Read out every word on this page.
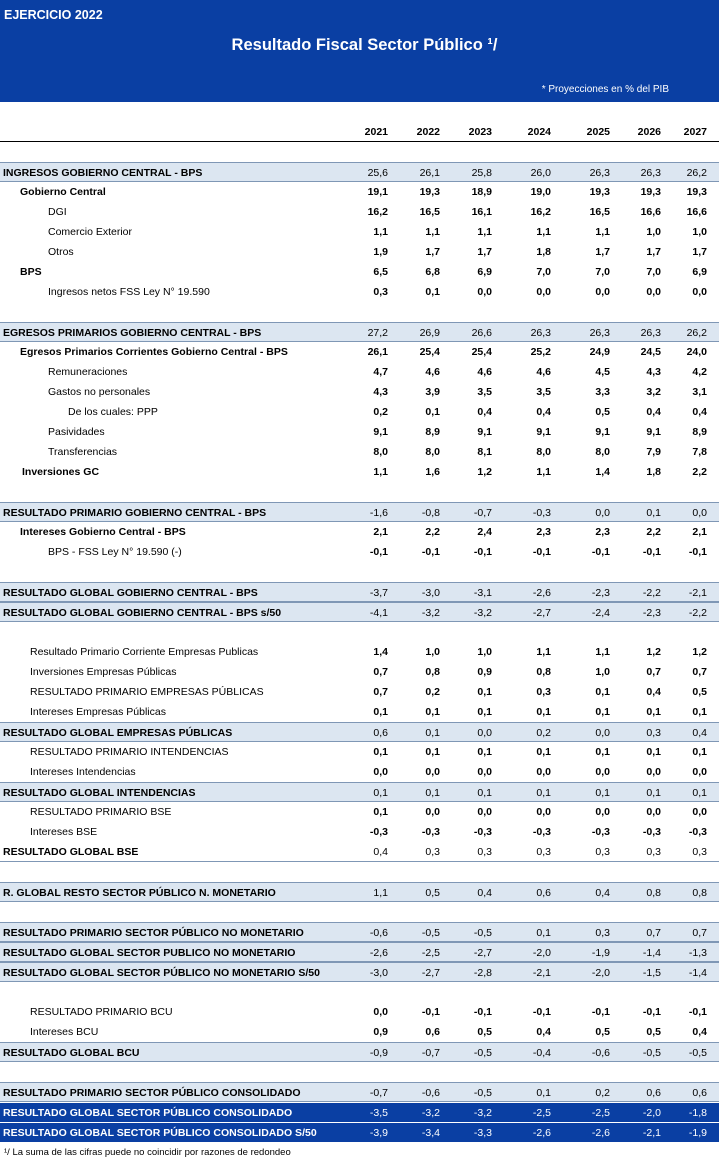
EJERCICIO 2022
Resultado Fiscal Sector Público ¹/
* Proyecciones en % del PIB
2021	2022	2023	2024	2025	2026	2027
INGRESOS GOBIERNO CENTRAL - BPS	25,6	26,1	25,8	26,0	26,3	26,3	26,2
Gobierno Central	19,1	19,3	18,9	19,0	19,3	19,3	19,3
DGI	16,2	16,5	16,1	16,2	16,5	16,6	16,6
Comercio Exterior	1,1	1,1	1,1	1,1	1,1	1,0	1,0
Otros	1,9	1,7	1,7	1,8	1,7	1,7	1,7
BPS	6,5	6,8	6,9	7,0	7,0	7,0	6,9
Ingresos netos FSS Ley N° 19.590	0,3	0,1	0,0	0,0	0,0	0,0	0,0
EGRESOS PRIMARIOS GOBIERNO CENTRAL - BPS	27,2	26,9	26,6	26,3	26,3	26,3	26,2
Egresos Primarios Corrientes Gobierno Central - BPS	26,1	25,4	25,4	25,2	24,9	24,5	24,0
Remuneraciones	4,7	4,6	4,6	4,6	4,5	4,3	4,2
Gastos no personales	4,3	3,9	3,5	3,5	3,3	3,2	3,1
De los cuales: PPP	0,2	0,1	0,4	0,4	0,5	0,4	0,4
Pasividades	9,1	8,9	9,1	9,1	9,1	9,1	8,9
Transferencias	8,0	8,0	8,1	8,0	8,0	7,9	7,8
Inversiones GC	1,1	1,6	1,2	1,1	1,4	1,8	2,2
RESULTADO PRIMARIO GOBIERNO CENTRAL - BPS	-1,6	-0,8	-0,7	-0,3	0,0	0,1	0,0
Intereses Gobierno Central - BPS	2,1	2,2	2,4	2,3	2,3	2,2	2,1
BPS - FSS Ley N° 19.590 (-)	-0,1	-0,1	-0,1	-0,1	-0,1	-0,1	-0,1
RESULTADO GLOBAL GOBIERNO CENTRAL - BPS	-3,7	-3,0	-3,1	-2,6	-2,3	-2,2	-2,1
RESULTADO GLOBAL GOBIERNO CENTRAL - BPS s/50	-4,1	-3,2	-3,2	-2,7	-2,4	-2,3	-2,2
Resultado Primario Corriente Empresas Publicas	1,4	1,0	1,0	1,1	1,1	1,2	1,2
Inversiones Empresas Públicas	0,7	0,8	0,9	0,8	1,0	0,7	0,7
RESULTADO PRIMARIO EMPRESAS PÚBLICAS	0,7	0,2	0,1	0,3	0,1	0,4	0,5
Intereses Empresas Públicas	0,1	0,1	0,1	0,1	0,1	0,1	0,1
RESULTADO GLOBAL EMPRESAS PÚBLICAS	0,6	0,1	0,0	0,2	0,0	0,3	0,4
RESULTADO PRIMARIO INTENDENCIAS	0,1	0,1	0,1	0,1	0,1	0,1	0,1
Intereses Intendencias	0,0	0,0	0,0	0,0	0,0	0,0	0,0
RESULTADO GLOBAL INTENDENCIAS	0,1	0,1	0,1	0,1	0,1	0,1	0,1
RESULTADO PRIMARIO BSE	0,1	0,0	0,0	0,0	0,0	0,0	0,0
Intereses BSE	-0,3	-0,3	-0,3	-0,3	-0,3	-0,3	-0,3
RESULTADO GLOBAL BSE	0,4	0,3	0,3	0,3	0,3	0,3	0,3
R. GLOBAL RESTO SECTOR PÚBLICO N. MONETARIO	1,1	0,5	0,4	0,6	0,4	0,8	0,8
RESULTADO PRIMARIO SECTOR PÚBLICO NO MONETARIO	-0,6	-0,5	-0,5	0,1	0,3	0,7	0,7
RESULTADO GLOBAL SECTOR PUBLICO NO MONETARIO	-2,6	-2,5	-2,7	-2,0	-1,9	-1,4	-1,3
RESULTADO GLOBAL SECTOR PÚBLICO NO MONETARIO S/50	-3,0	-2,7	-2,8	-2,1	-2,0	-1,5	-1,4
RESULTADO PRIMARIO BCU	0,0	-0,1	-0,1	-0,1	-0,1	-0,1	-0,1
Intereses BCU	0,9	0,6	0,5	0,4	0,5	0,5	0,4
RESULTADO GLOBAL BCU	-0,9	-0,7	-0,5	-0,4	-0,6	-0,5	-0,5
RESULTADO PRIMARIO SECTOR PÚBLICO CONSOLIDADO	-0,7	-0,6	-0,5	0,1	0,2	0,6	0,6
RESULTADO GLOBAL SECTOR PÚBLICO CONSOLIDADO	-3,5	-3,2	-3,2	-2,5	-2,5	-2,0	-1,8
RESULTADO GLOBAL SECTOR PÚBLICO CONSOLIDADO S/50	-3,9	-3,4	-3,3	-2,6	-2,6	-2,1	-1,9
¹/ La suma de las cifras puede no coincidir por razones de redondeo
